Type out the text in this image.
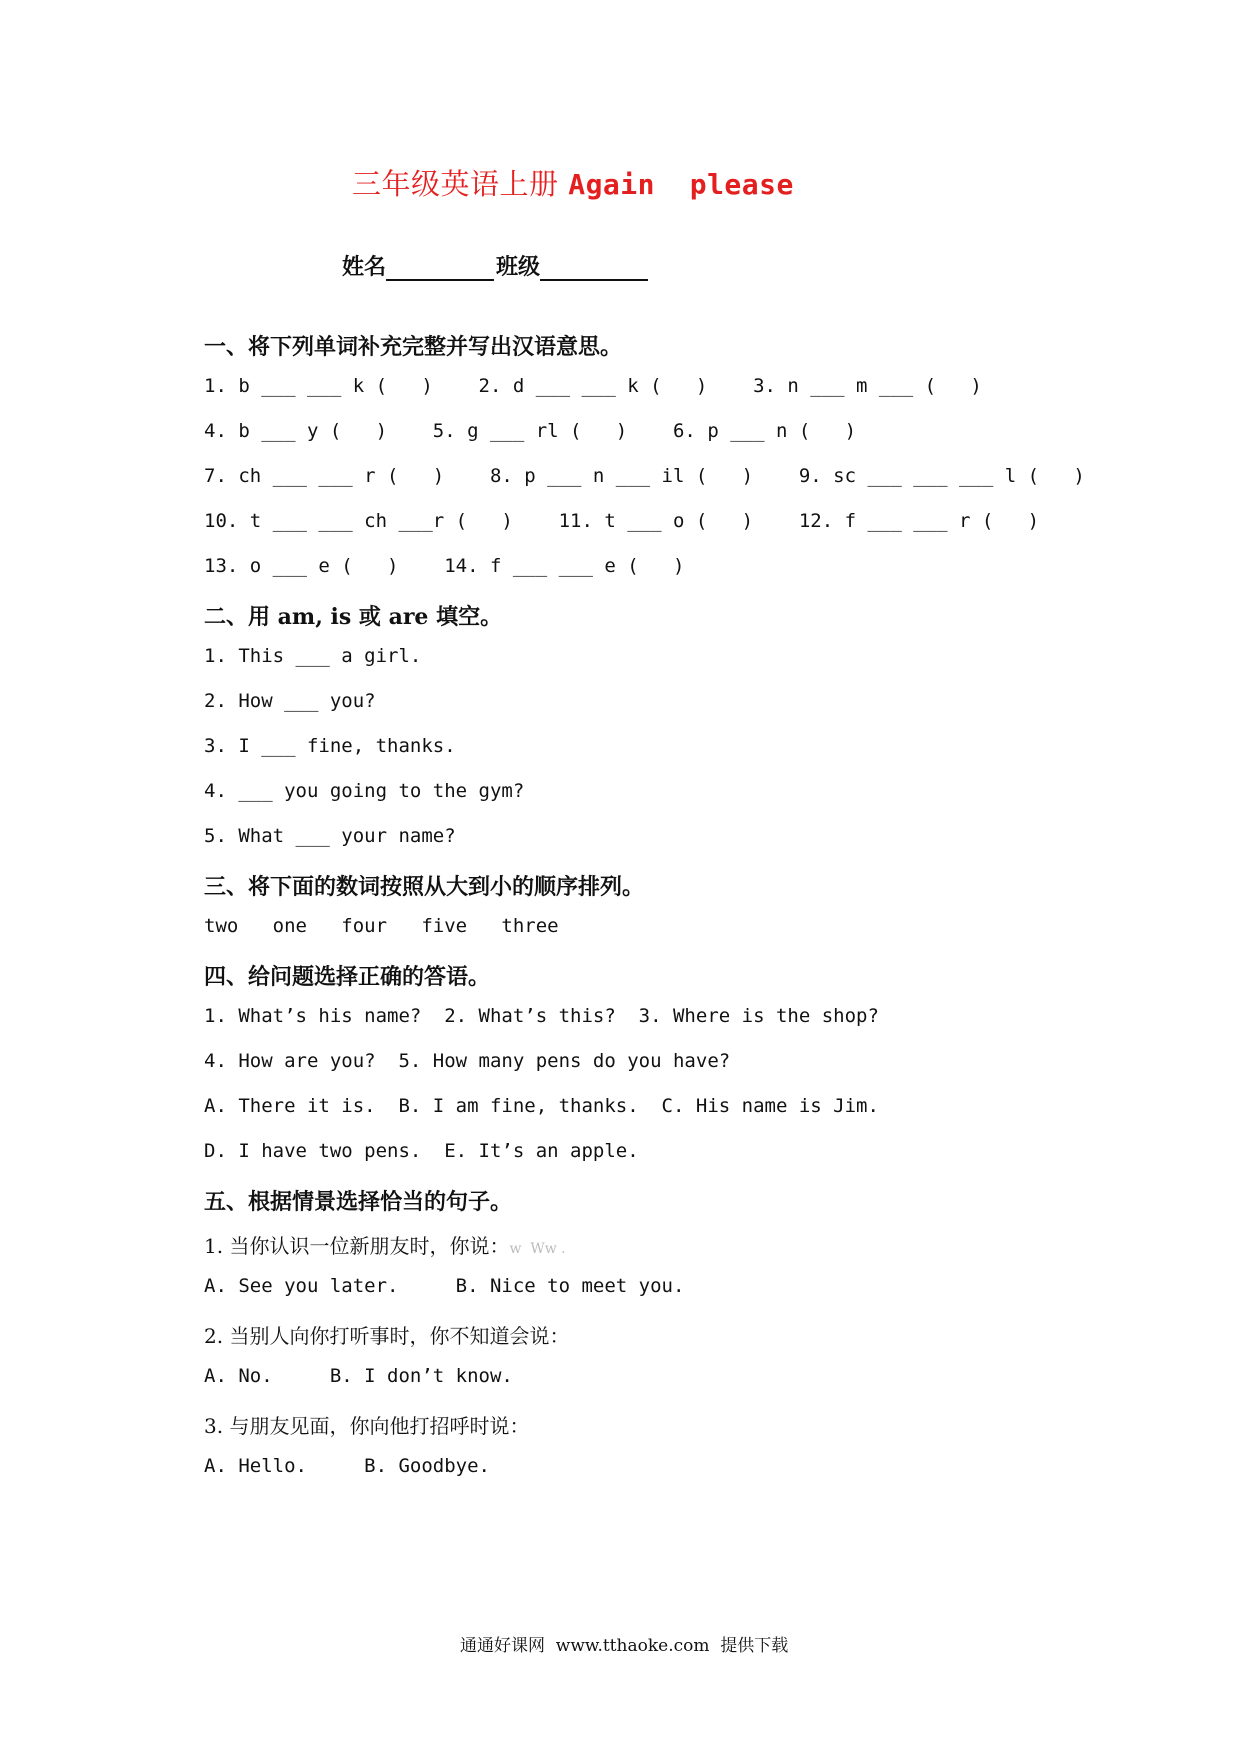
三年级英语上册 Again  please
姓名	班级
一、将下列单词补充完整并写出汉语意思。
1. b ___ ___ k (   )    2. d ___ ___ k (   )    3. n ___ m ___ (   )
4. b ___ y (   )    5. g ___ rl (   )    6. p ___ n (   )
7. ch ___ ___ r (   )    8. p ___ n ___ il (   )    9. sc ___ ___ ___ l (   )
10. t ___ ___ ch ___r (   )    11. t ___ o (   )    12. f ___ ___ r (   )
13. o ___ e (   )    14. f ___ ___ e (   )
二、用 am, is 或 are 填空。
1. This ___ a girl.
2. How ___ you?
3. I ___ fine, thanks.
4. ___ you going to the gym?
5. What ___ your name?
三、将下面的数词按照从大到小的顺序排列。
two   one   four   five   three
四、给问题选择正确的答语。
1. What’s his name?  2. What’s this?  3. Where is the shop?
4. How are you?  5. How many pens do you have?
A. There it is.  B. I am fine, thanks.  C. His name is Jim.
D. I have two pens.  E. It’s an apple.
五、根据情景选择恰当的句子。
1. 当你认识一位新朋友时，你说：w  Ww .
A. See you later.     B. Nice to meet you.
2. 当别人向你打听事时，你不知道会说：
A. No.     B. I don’t know.
3. 与朋友见面，你向他打招呼时说：
A. Hello.     B. Goodbye.
通通好课网  www.tthaoke.com  提供下载
